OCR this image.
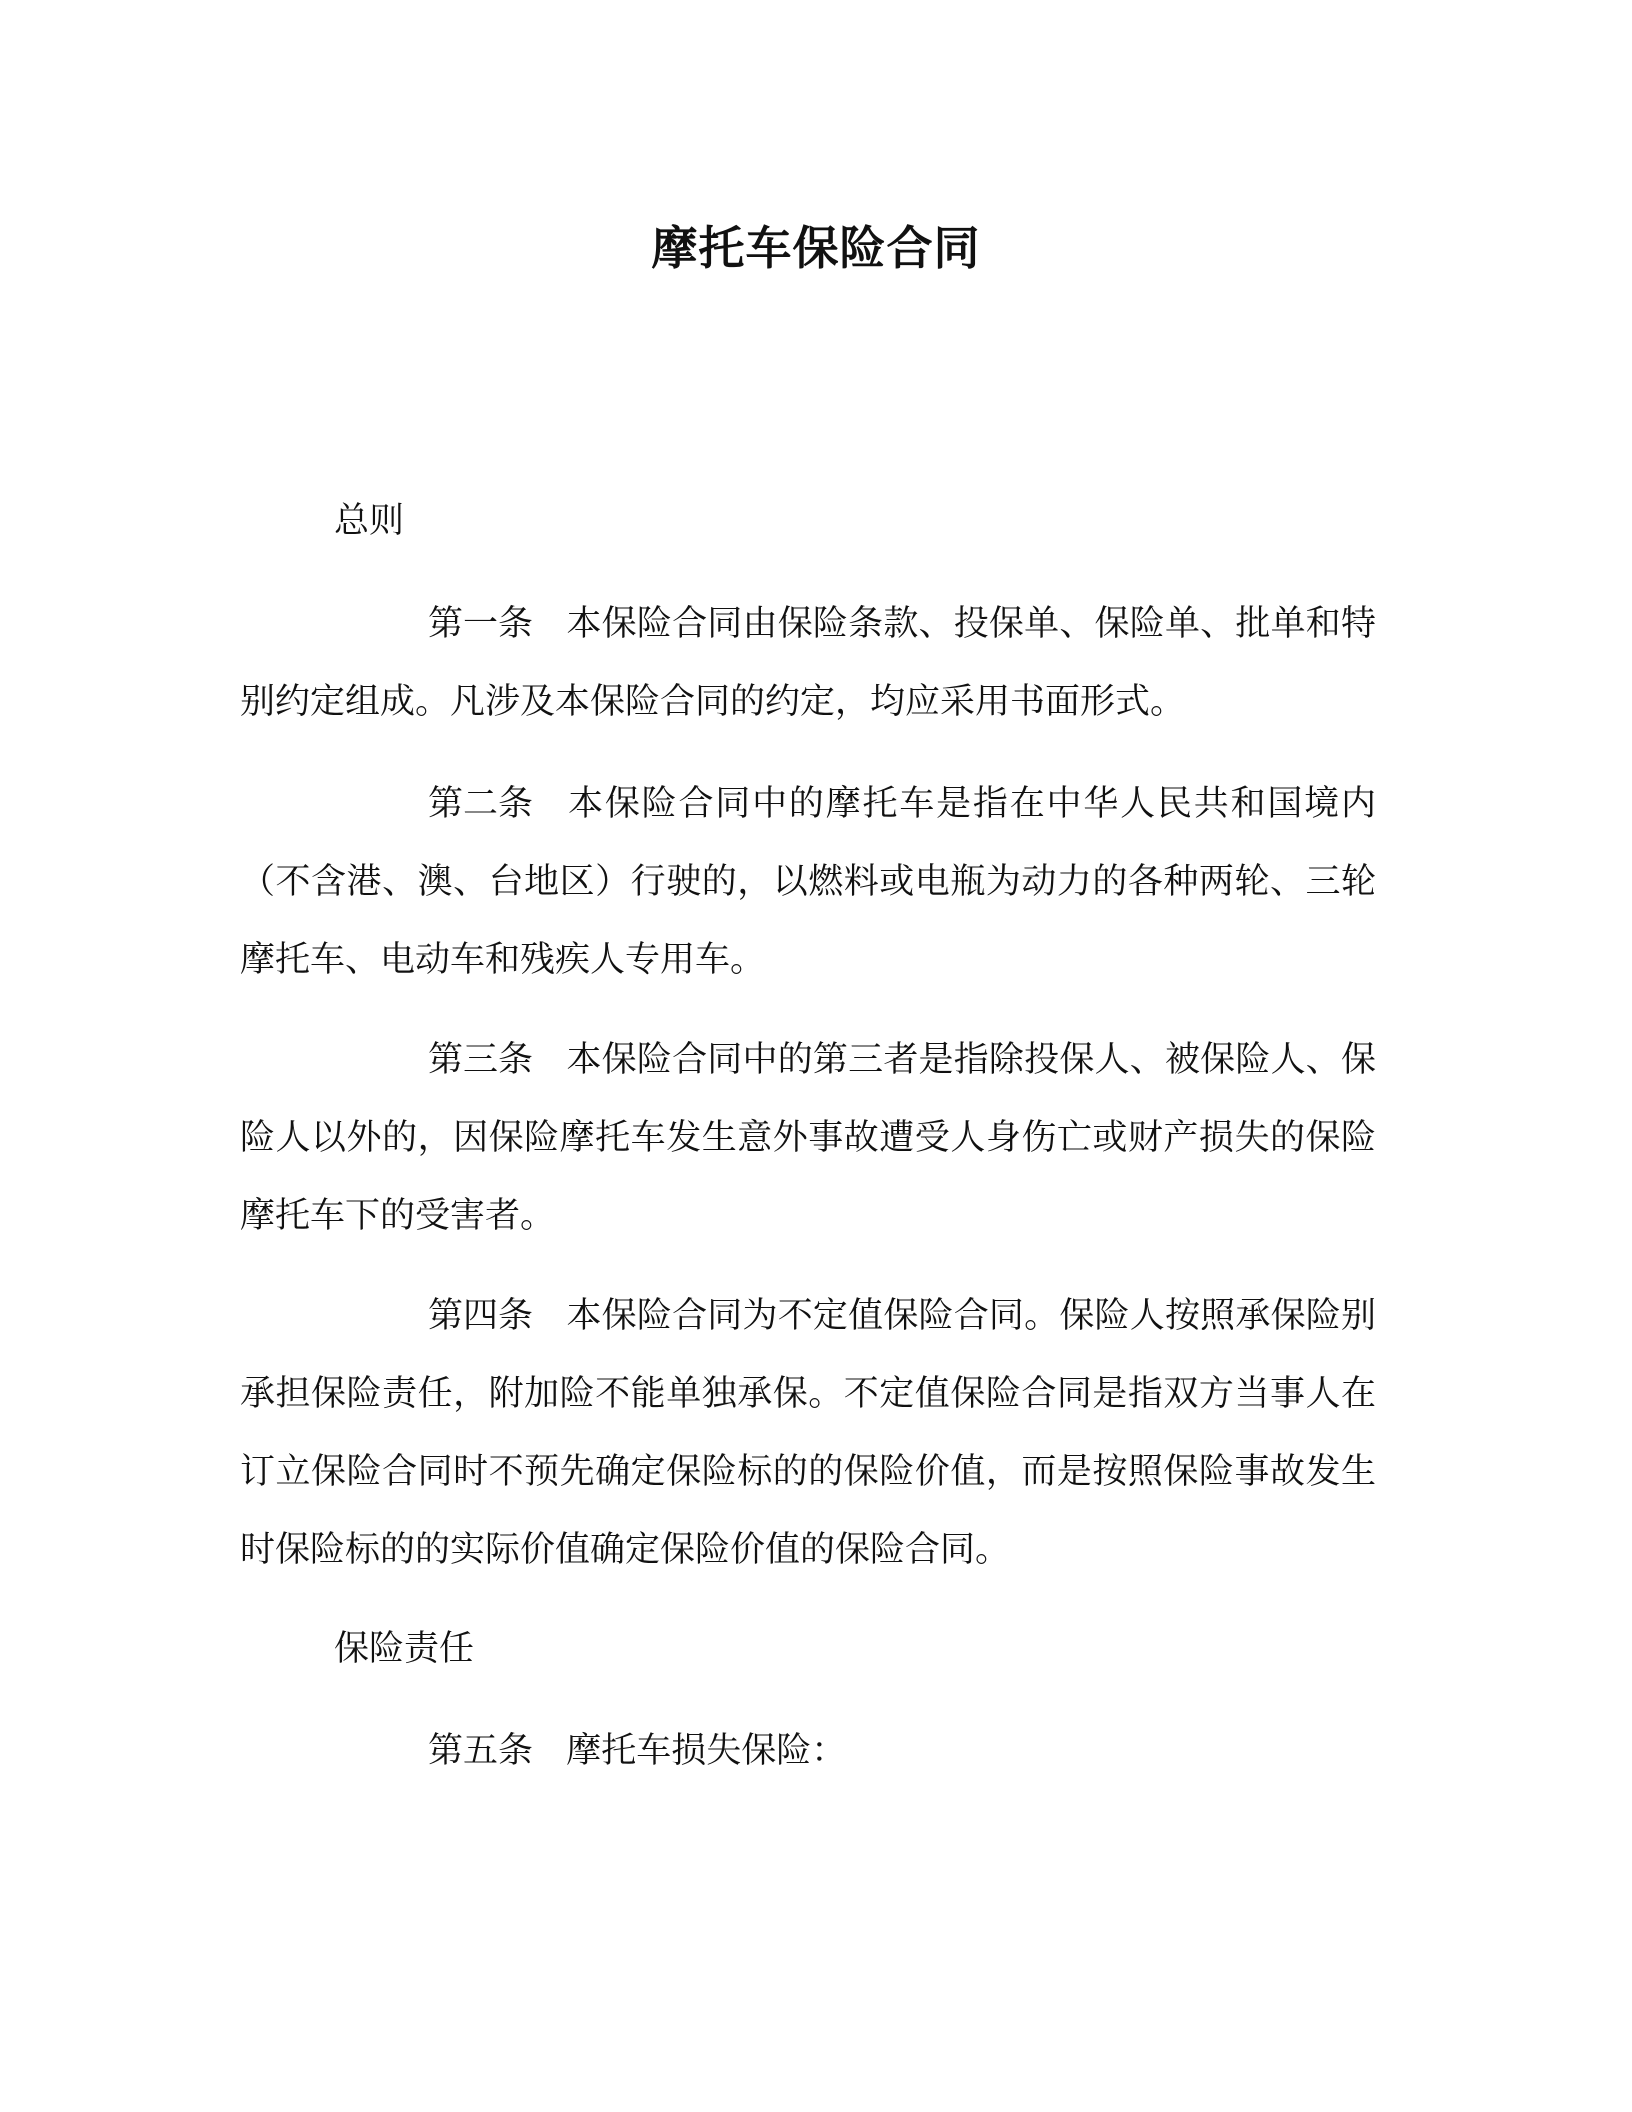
摩托车保险合同
总则

第一条 本保险合同由保险条款、投保单、保险单、批单和特别约定组成。凡涉及本保险合同的约定，均应采用书面形式。

第二条 本保险合同中的摩托车是指在中华人民共和国境内（不含港、澳、台地区）行驶的，以燃料或电瓶为动力的各种两轮、三轮摩托车、电动车和残疾人专用车。

第三条 本保险合同中的第三者是指除投保人、被保险人、保险人以外的，因保险摩托车发生意外事故遭受人身伤亡或财产损失的保险摩托车下的受害者。

第四条 本保险合同为不定值保险合同。保险人按照承保险别承担保险责任，附加险不能单独承保。不定值保险合同是指双方当事人在订立保险合同时不预先确定保险标的的保险价值，而是按照保险事故发生时保险标的的实际价值确定保险价值的保险合同。

保险责任

第五条 摩托车损失保险：
